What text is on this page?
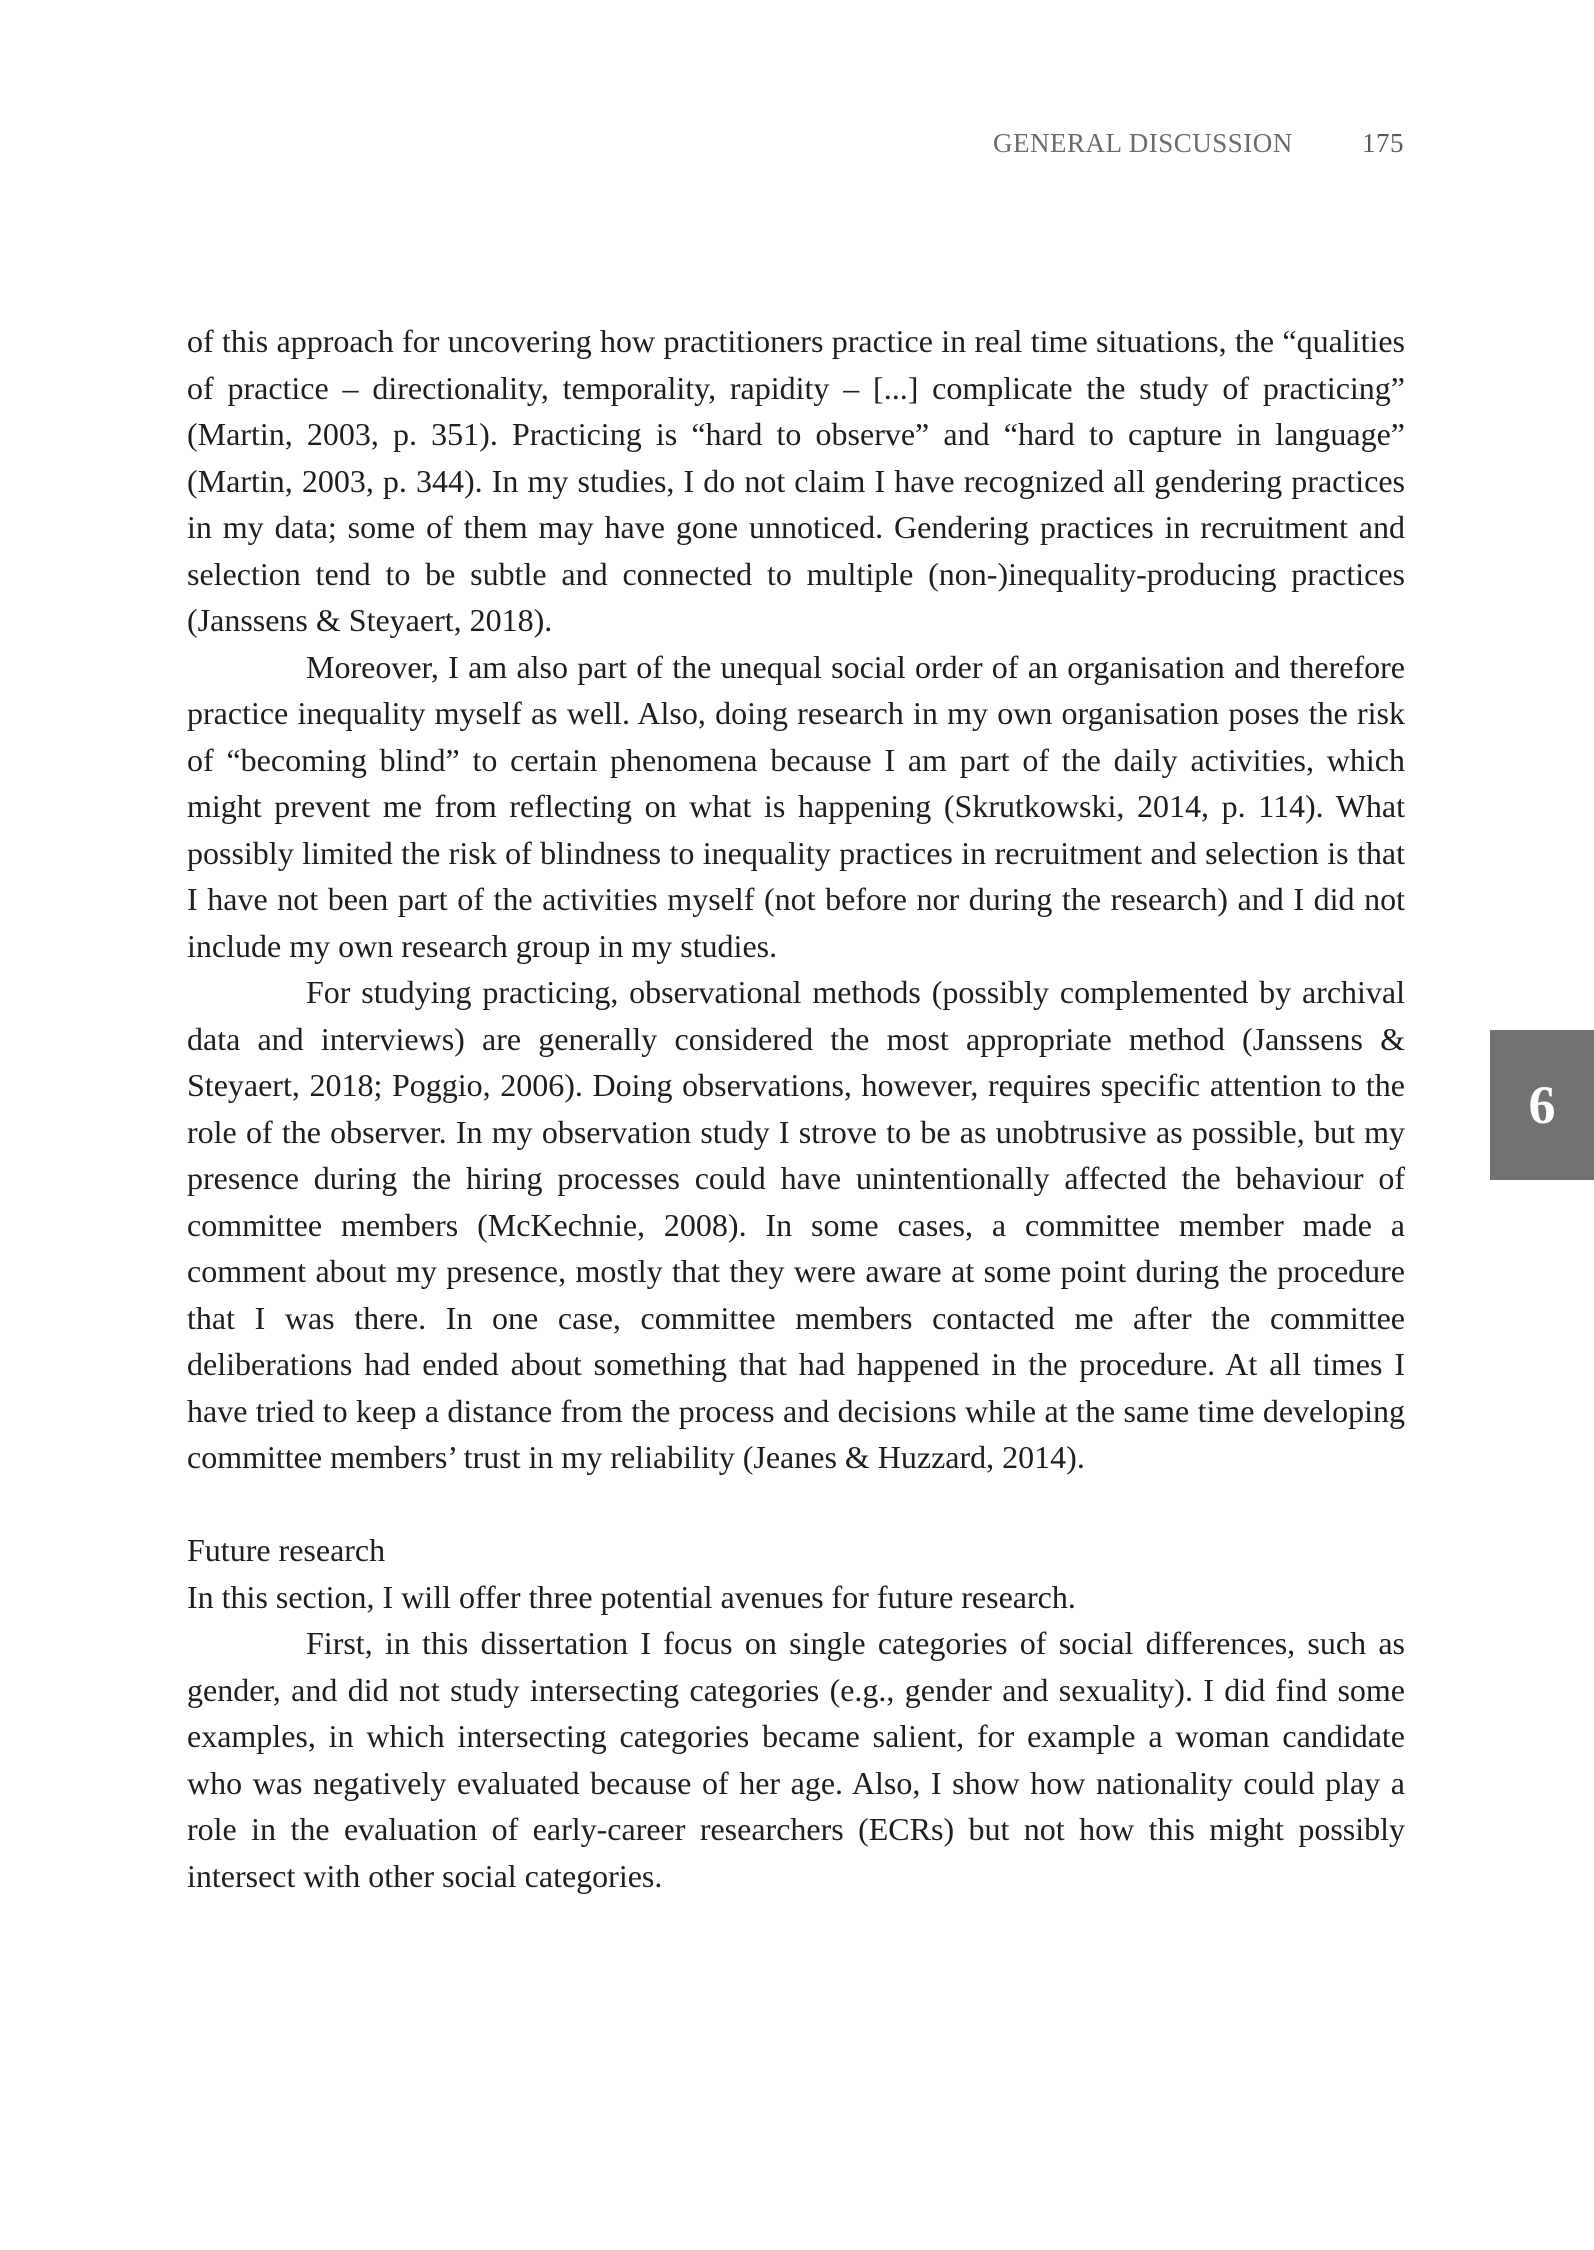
GENERAL DISCUSSION	175
6

of this approach for uncovering how practitioners practice in real time situations, the “qualities of practice – directionality, temporality, rapidity – [...] complicate the study of practicing” (Martin, 2003, p. 351). Practicing is “hard to observe” and “hard to capture in language” (Martin, 2003, p. 344). In my studies, I do not claim I have recognized all gendering practices in my data; some of them may have gone unnoticed. Gendering practices in recruitment and selection tend to be subtle and connected to multiple (non-)inequality-producing practices (Janssens & Steyaert, 2018).

Moreover, I am also part of the unequal social order of an organisation and therefore practice inequality myself as well. Also, doing research in my own organisation poses the risk of “becoming blind” to certain phenomena because I am part of the daily activities, which might prevent me from reflecting on what is happening (Skrutkowski, 2014, p. 114). What possibly limited the risk of blindness to inequality practices in recruitment and selection is that I have not been part of the activities myself (not before nor during the research) and I did not include my own research group in my studies.

For studying practicing, observational methods (possibly complemented by archival data and interviews) are generally considered the most appropriate method (Janssens & Steyaert, 2018; Poggio, 2006). Doing observations, however, requires specific attention to the role of the observer. In my observation study I strove to be as unobtrusive as possible, but my presence during the hiring processes could have unintentionally affected the behaviour of committee members (McKechnie, 2008). In some cases, a committee member made a comment about my presence, mostly that they were aware at some point during the procedure that I was there. In one case, committee members contacted me after the committee deliberations had ended about something that had happened in the procedure. At all times I have tried to keep a distance from the process and decisions while at the same time developing committee members’ trust in my reliability (Jeanes & Huzzard, 2014).

Future research

In this section, I will offer three potential avenues for future research.

First, in this dissertation I focus on single categories of social differences, such as gender, and did not study intersecting categories (e.g., gender and sexuality). I did find some examples, in which intersecting categories became salient, for example a woman candidate who was negatively evaluated because of her age. Also, I show how nationality could play a role in the evaluation of early-career researchers (ECRs) but not how this might possibly intersect with other social categories.
